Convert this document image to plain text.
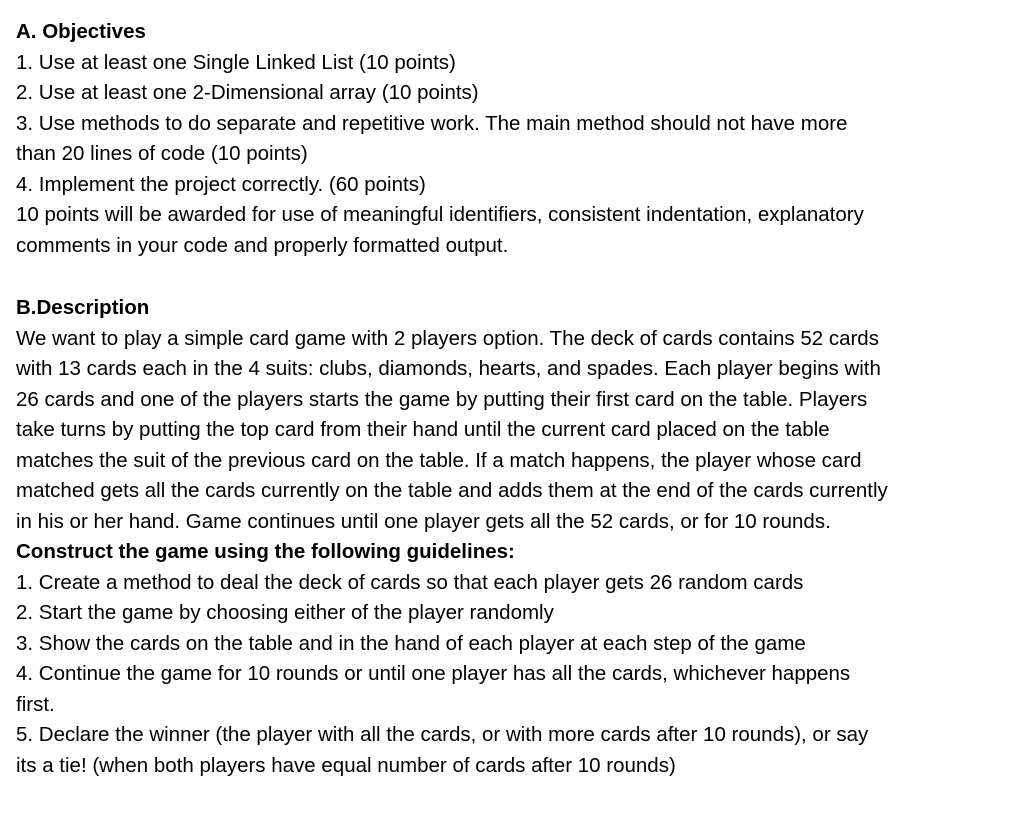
A. Objectives
1. Use at least one Single Linked List (10 points)
2. Use at least one 2-Dimensional array (10 points)
3. Use methods to do separate and repetitive work. The main method should not have more
than 20 lines of code (10 points)
4. Implement the project correctly. (60 points)
10 points will be awarded for use of meaningful identifiers, consistent indentation, explanatory
comments in your code and properly formatted output.
B.Description
We want to play a simple card game with 2 players option. The deck of cards contains 52 cards
with 13 cards each in the 4 suits: clubs, diamonds, hearts, and spades. Each player begins with
26 cards and one of the players starts the game by putting their first card on the table. Players
take turns by putting the top card from their hand until the current card placed on the table
matches the suit of the previous card on the table. If a match happens, the player whose card
matched gets all the cards currently on the table and adds them at the end of the cards currently
in his or her hand. Game continues until one player gets all the 52 cards, or for 10 rounds.
Construct the game using the following guidelines:
1. Create a method to deal the deck of cards so that each player gets 26 random cards
2. Start the game by choosing either of the player randomly
3. Show the cards on the table and in the hand of each player at each step of the game
4. Continue the game for 10 rounds or until one player has all the cards, whichever happens
first.
5. Declare the winner (the player with all the cards, or with more cards after 10 rounds), or say
its a tie! (when both players have equal number of cards after 10 rounds)
